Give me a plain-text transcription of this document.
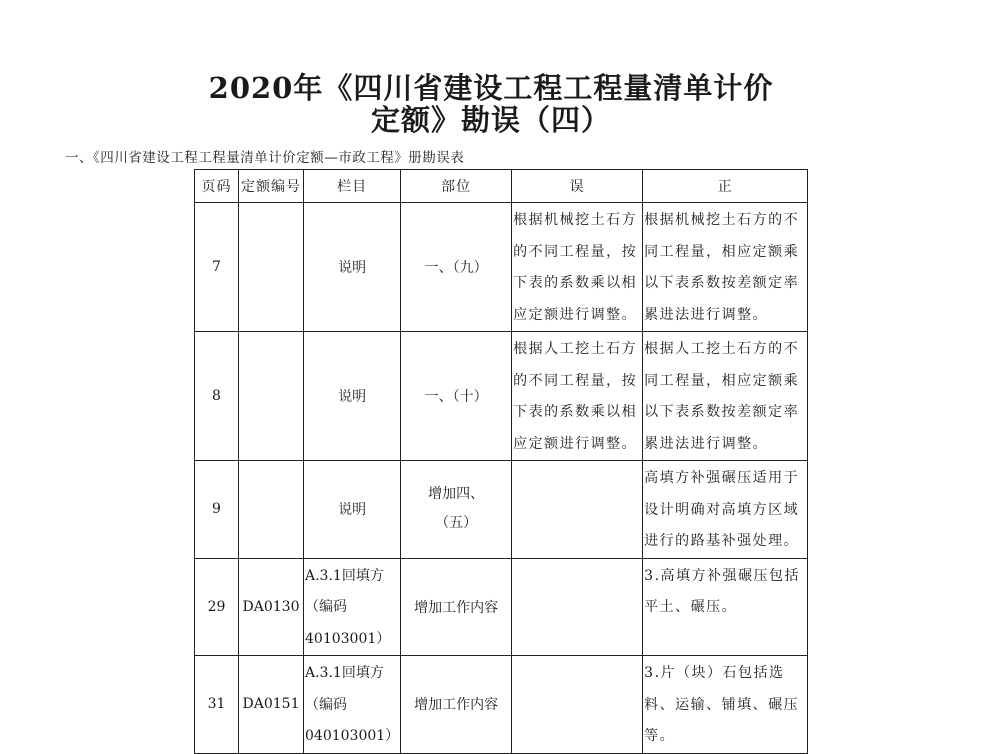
2020年《四川省建设工程工程量清单计价
定额》勘误（四）
一、《四川省建设工程工程量清单计价定额—市政工程》册勘误表
页码	定额编号	栏目	部位	误	正
7		说明	一、（九）	根据机械挖土石方
的不同工程量，按
下表的系数乘以相
应定额进行调整。	根据机械挖土石方的不
同工程量，相应定额乘
以下表系数按差额定率
累进法进行调整。

8		说明	一、（十）	根据人工挖土石方
的不同工程量，按
下表的系数乘以相
应定额进行调整。	根据人工挖土石方的不
同工程量，相应定额乘
以下表系数按差额定率
累进法进行调整。

9		说明	增加四、
（五）		高填方补强碾压适用于
设计明确对高填方区域
进行的路基补强处理。

29	DA0130	A.3.1回填方
（编码
40103001）	增加工作内容		3.高填方补强碾压包括
平土、碾压。

31	DA0151	A.3.1回填方
（编码
040103001）	增加工作内容		3.片（块）石包括选
料、运输、铺填、碾压
等。
